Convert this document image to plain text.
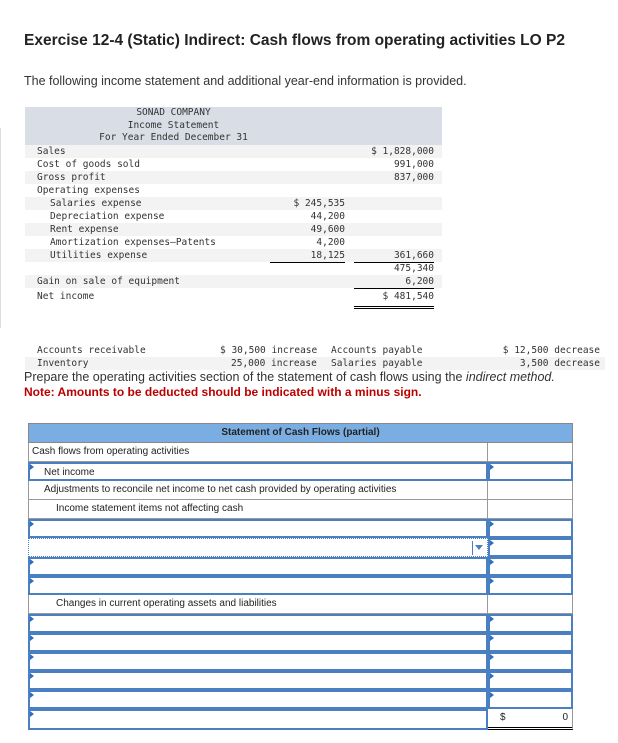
Exercise 12-4 (Static) Indirect: Cash flows from operating activities LO P2
The following income statement and additional year-end information is provided.
SONAD COMPANY
Income Statement
For Year Ended December 31
Sales	$ 1,828,000
Cost of goods sold	991,000
Gross profit	837,000
Operating expenses
Salaries expense	$ 245,535
Depreciation expense	44,200
Rent expense	49,600
Amortization expenses—Patents	4,200
Utilities expense	18,125	361,660
475,340
Gain on sale of equipment	6,200
Net income	$ 481,540
Accounts receivable	$ 30,500 increase Accounts payable	$ 12,500 decrease
Inventory	25,000 increase Salaries payable	3,500 decrease
Prepare the operating activities section of the statement of cash flows using the indirect method.
Note: Amounts to be deducted should be indicated with a minus sign.
Statement of Cash Flows (partial)
Cash flows from operating activities
Net income
Adjustments to reconcile net income to net cash provided by operating activities
Income statement items not affecting cash
Changes in current operating assets and liabilities
$	0
